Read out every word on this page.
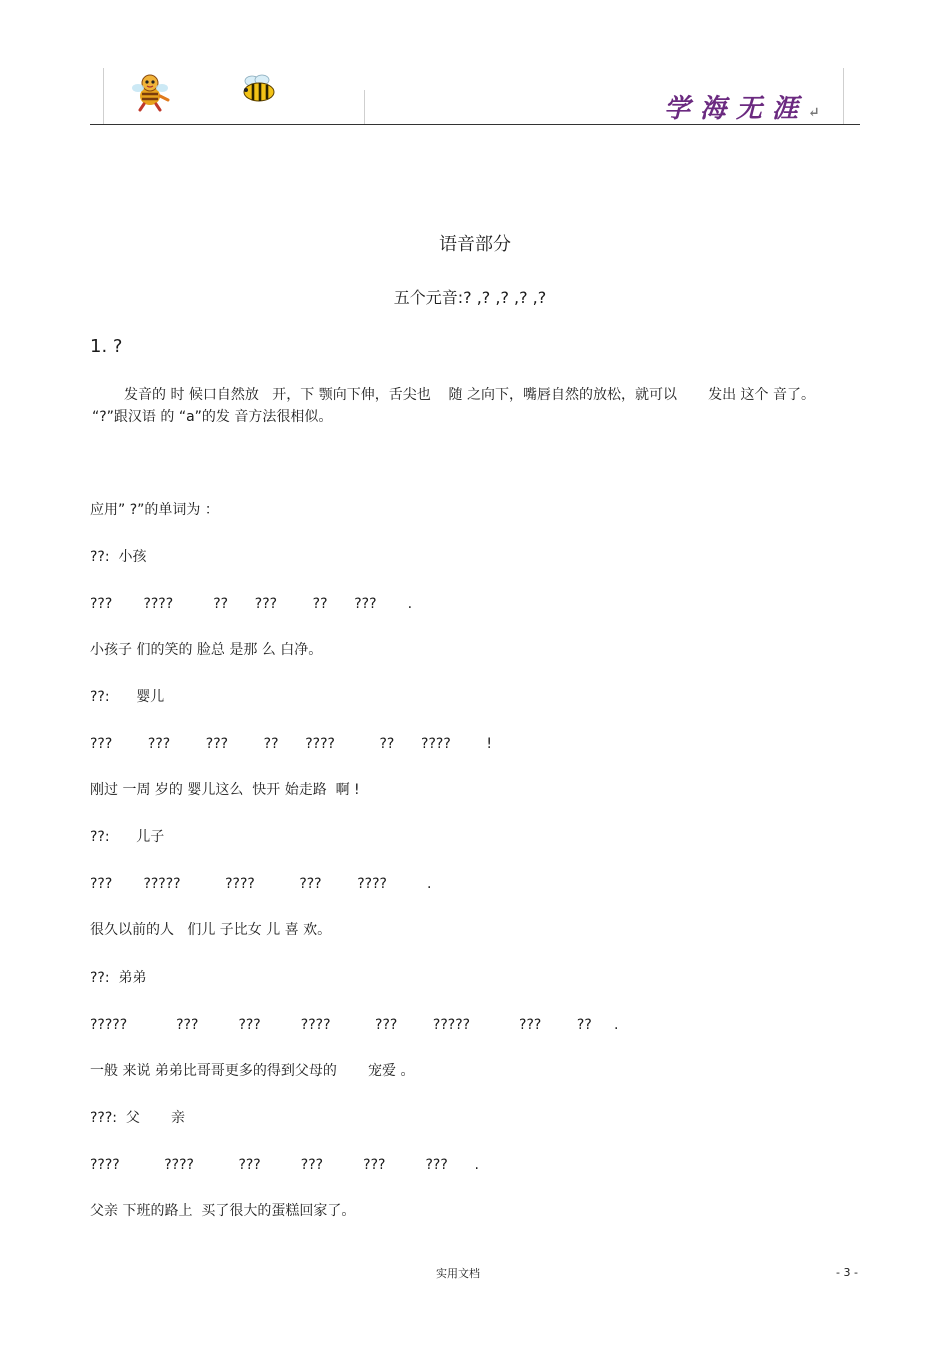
学海无涯↵
语音部分
五个元音:? ,? ,? ,? ,?
1. ?
发音的 时 候口自然放   开，下 颚向下伸，舌尖也    随 之向下，嘴唇自然的放松，就可以       发出 这个 音了。
“?”跟汉语 的 “a”的发 音方法很相似。
应用” ?”的单词为 ：
??:  小孩
???       ????         ??      ???        ??      ???       .
小孩子 们的笑的 脸总 是那 么 白净。
??:      婴儿
???        ???        ???        ??      ????          ??      ????        !
刚过 一周 岁的 婴儿这么  快开 始走路  啊 !
??:      儿子
???       ?????          ????          ???        ????         .
很久以前的人   们儿 子比女 儿 喜 欢。
??:  弟弟
?????           ???         ???         ????          ???        ?????           ???        ??     .
一般 来说 弟弟比哥哥更多的得到父母的       宠爱 。
???:  父       亲
????          ????          ???         ???         ???         ???      .
父亲 下班的路上  买了很大的蛋糕回家了。
实用文档	- 3 -
